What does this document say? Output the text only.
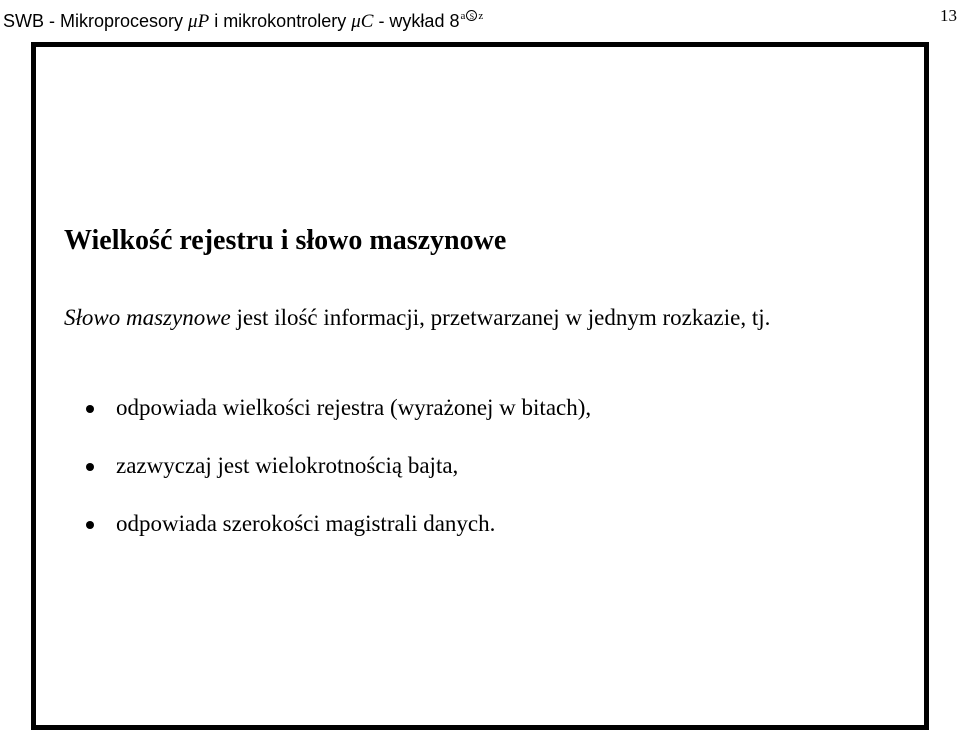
SWB - Mikroprocesory μP i mikrokontrolery μC - wykład $8^{a S z}$	13
Wielkość rejestru i słowo maszynowe
Słowo maszynowe jest ilość informacji, przetwarzanej w jednym rozkazie, tj.
odpowiada wielkości rejestra (wyrażonej w bitach),
zazwyczaj jest wielokrotnością bajta,
odpowiada szerokości magistrali danych.
